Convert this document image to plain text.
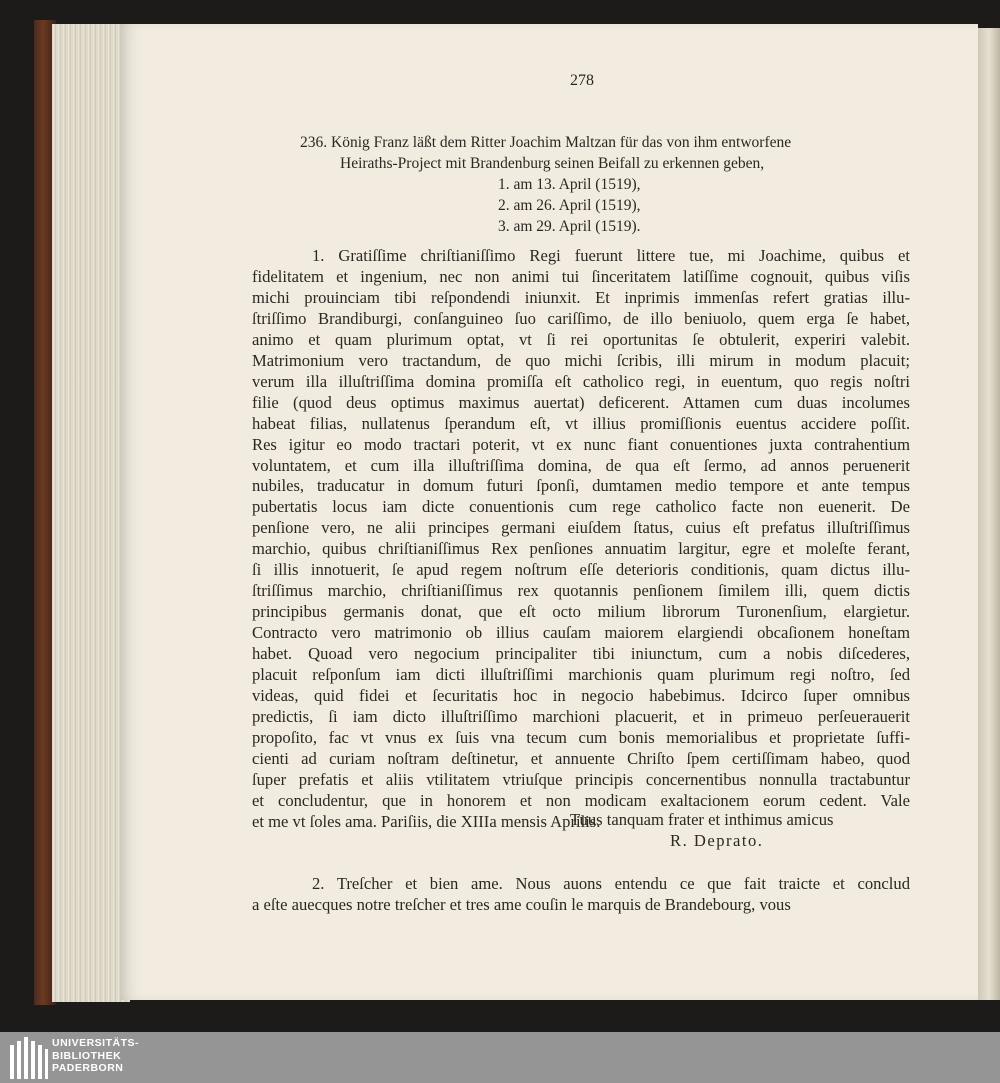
278
236. König Franz läßt dem Ritter Joachim Maltzan für das von ihm entworfene
Heiraths-Project mit Brandenburg seinen Beifall zu erkennen geben,
1. am 13. April (1519),
2. am 26. April (1519),
3. am 29. April (1519).
1. Gratiſſime chriſtianiſſimo Regi fuerunt littere tue, mi Joachime, quibus et
fidelitatem et ingenium, nec non animi tui ſinceritatem latiſſime cognouit, quibus viſis
michi prouinciam tibi reſpondendi iniunxit. Et inprimis immenſas refert gratias illu-
ſtriſſimo Brandiburgi, conſanguineo ſuo cariſſimo, de illo beniuolo, quem erga ſe habet,
animo et quam plurimum optat, vt ſi rei oportunitas ſe obtulerit, experiri valebit.
Matrimonium vero tractandum, de quo michi ſcribis, illi mirum in modum placuit;
verum illa illuſtriſſima domina promiſſa eſt catholico regi, in euentum, quo regis noſtri
filie (quod deus optimus maximus auertat) deficerent. Attamen cum duas incolumes
habeat filias, nullatenus ſperandum eſt, vt illius promiſſionis euentus accidere poſſit.
Res igitur eo modo tractari poterit, vt ex nunc fiant conuentiones juxta contrahentium
voluntatem, et cum illa illuſtriſſima domina, de qua eſt ſermo, ad annos peruenerit
nubiles, traducatur in domum futuri ſponſi, dumtamen medio tempore et ante tempus
pubertatis locus iam dicte conuentionis cum rege catholico facte non euenerit. De
penſione vero, ne alii principes germani eiuſdem ſtatus, cuius eſt prefatus illuſtriſſimus
marchio, quibus chriſtianiſſimus Rex penſiones annuatim largitur, egre et moleſte ferant,
ſi illis innotuerit, ſe apud regem noſtrum eſſe deterioris conditionis, quam dictus illu-
ſtriſſimus marchio, chriſtianiſſimus rex quotannis penſionem ſimilem illi, quem dictis
principibus germanis donat, que eſt octo milium librorum Turonenſium, elargietur.
Contracto vero matrimonio ob illius cauſam maiorem elargiendi obcaſionem honeſtam
habet. Quoad vero negocium principaliter tibi iniunctum, cum a nobis diſcederes,
placuit reſponſum iam dicti illuſtriſſimi marchionis quam plurimum regi noſtro, ſed
videas, quid fidei et ſecuritatis hoc in negocio habebimus. Idcirco ſuper omnibus
predictis, ſi iam dicto illuſtriſſimo marchioni placuerit, et in primeuo perſeuerauerit
propoſito, fac vt vnus ex ſuis vna tecum cum bonis memorialibus et proprietate ſuffi-
cienti ad curiam noſtram deſtinetur, et annuente Chriſto ſpem certiſſimam habeo, quod
ſuper prefatis et aliis vtilitatem vtriuſque principis concernentibus nonnulla tractabuntur
et concludentur, que in honorem et non modicam exaltacionem eorum cedent. Vale
et me vt ſoles ama. Pariſiis, die XIIIa mensis Aprilis.
Tuus tanquam frater et inthimus amicus
R. Deprato.
2. Treſcher et bien ame. Nous auons entendu ce que fait traicte et conclud
a eſte auecques notre treſcher et tres ame couſin le marquis de Brandebourg, vous
UNIVERSITÄTS-
BIBLIOTHEK
PADERBORN
